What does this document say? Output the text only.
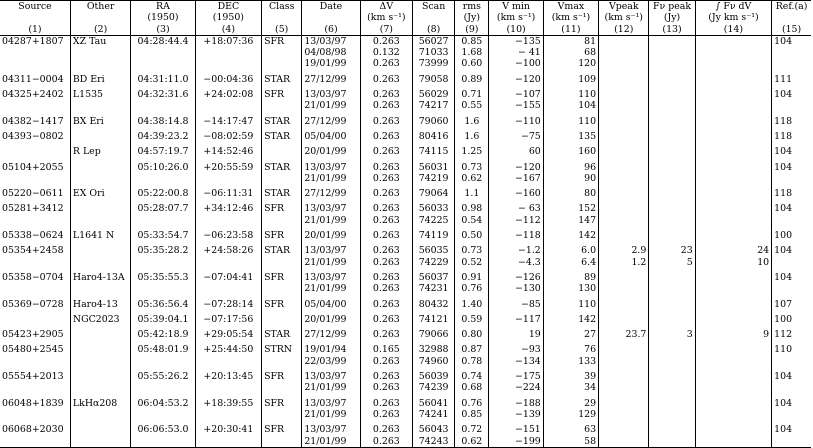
Source	Other	RA	DEC	Class	Date	ΔV	Scan	rms	V min	Vmax	Vpeak	Fν peak	∫ Fν dV	Ref.(a)
		(1950)	(1950)			(km s⁻¹)		(Jy)	(km s⁻¹)	(km s⁻¹)	(km s⁻¹)	(Jy)	(Jy km s⁻¹)	
(1)	(2)	(3)	(4)	(5)	(6)	(7)	(8)	(9)	(10)	(11)	(12)	(13)	(14)	(15)
04287+1807	XZ Tau	04:28:44.4	+18:07:36	SFR	13/03/97	0.263	56027	0.85	−135	81				104
					04/08/98	0.132	71033	1.68	− 41	68				
					19/01/99	0.263	73999	0.60	−100	120				
04311−0004	BD Eri	04:31:11.0	−00:04:36	STAR	27/12/99	0.263	79058	0.89	−120	109				111
04325+2402	L1535	04:32:31.6	+24:02:08	SFR	13/03/97	0.263	56029	0.71	−107	110				104
					21/01/99	0.263	74217	0.55	−155	104				
04382−1417	BX Eri	04:38:14.8	−14:17:47	STAR	27/12/99	0.263	79060	1.6	−110	110				118
04393−0802		04:39:23.2	−08:02:59	STAR	05/04/00	0.263	80416	1.6	−75	135				118
	R Lep	04:57:19.7	+14:52:46		20/01/99	0.263	74115	1.25	60	160				104
05104+2055		05:10:26.0	+20:55:59	STAR	13/03/97	0.263	56031	0.73	−120	96				104
					21/01/99	0.263	74219	0.62	−167	90				
05220−0611	EX Ori	05:22:00.8	−06:11:31	STAR	27/12/99	0.263	79064	1.1	−160	80				118
05281+3412		05:28:07.7	+34:12:46	SFR	13/03/97	0.263	56033	0.98	− 63	152				104
					21/01/99	0.263	74225	0.54	−112	147				
05338−0624	L1641 N	05:33:54.7	−06:23:58	SFR	20/01/99	0.263	74119	0.50	−118	142				100
05354+2458		05:35:28.2	+24:58:26	STAR	13/03/97	0.263	56035	0.73	−1.2	6.0	2.9	23	24	104
					21/01/99	0.263	74229	0.52	−4.3	6.4	1.2	5	10	
05358−0704	Haro4-13A	05:35:55.3	−07:04:41	SFR	13/03/97	0.263	56037	0.91	−126	89				104
					21/01/99	0.263	74231	0.76	−130	130				
05369−0728	Haro4-13	05:36:56.4	−07:28:14	SFR	05/04/00	0.263	80432	1.40	−85	110				107
	NGC2023	05:39:04.1	−07:17:56		20/01/99	0.263	74121	0.59	−117	142				100
05423+2905		05:42:18.9	+29:05:54	STAR	27/12/99	0.263	79066	0.80	19	27	23.7	3	9	112
05480+2545		05:48:01.9	+25:44:50	STRN	19/01/94	0.165	32988	0.87	−93	76				110
					22/03/99	0.263	74960	0.78	−134	133				
05554+2013		05:55:26.2	+20:13:45	SFR	13/03/97	0.263	56039	0.74	−175	39				104
					21/01/99	0.263	74239	0.68	−224	34				
06048+1839	LkHα208	06:04:53.2	+18:39:55	SFR	13/03/97	0.263	56041	0.76	−188	29				104
					21/01/99	0.263	74241	0.85	−139	129				
06068+2030		06:06:53.0	+20:30:41	SFR	13/03/97	0.263	56043	0.72	−151	63				104
					21/01/99	0.263	74243	0.62	−199	58				
